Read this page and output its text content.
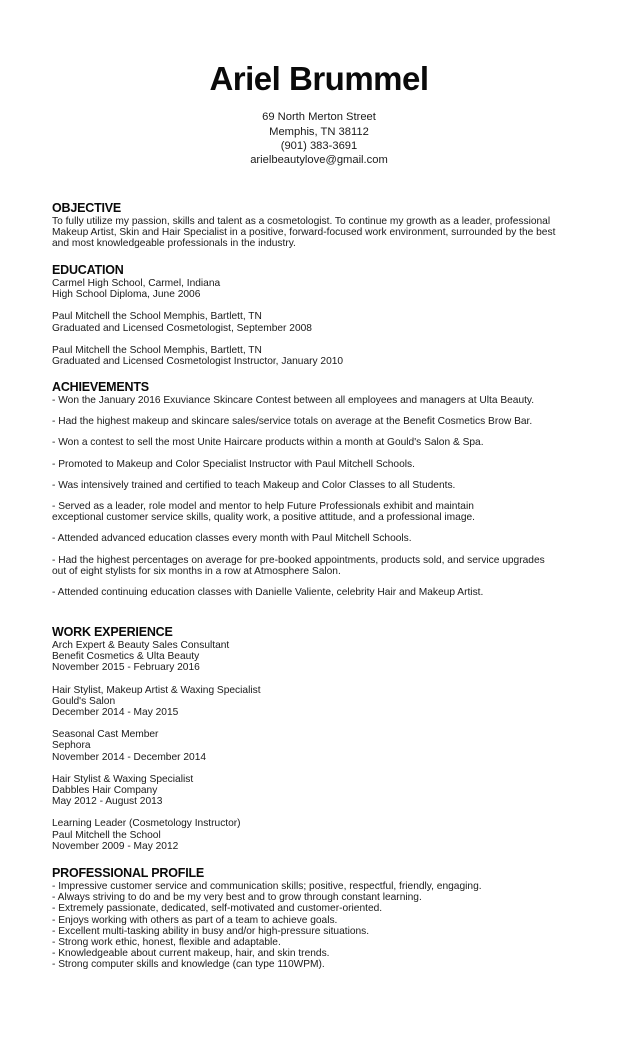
Ariel Brummel
69 North Merton Street
Memphis, TN 38112
(901) 383-3691
arielbeautylove@gmail.com
OBJECTIVE
To fully utilize my passion, skills and talent as a cosmetologist. To continue my growth as a leader, professional
Makeup Artist, Skin and Hair Specialist in a positive, forward-focused work environment, surrounded by the best
and most knowledgeable professionals in the industry.
EDUCATION
Carmel High School, Carmel, Indiana
High School Diploma, June 2006
Paul Mitchell the School Memphis, Bartlett, TN
Graduated and Licensed Cosmetologist, September 2008
Paul Mitchell the School Memphis, Bartlett, TN
Graduated and Licensed Cosmetologist Instructor, January 2010
ACHIEVEMENTS
- Won the January 2016 Exuviance Skincare Contest between all employees and managers at Ulta Beauty.
- Had the highest makeup and skincare sales/service totals on average at the Benefit Cosmetics Brow Bar.
- Won a contest to sell the most Unite Haircare products within a month at Gould's Salon & Spa.
- Promoted to Makeup and Color Specialist Instructor with Paul Mitchell Schools.
- Was intensively trained and certified to teach Makeup and Color Classes to all Students.
- Served as a leader, role model and mentor to help Future Professionals exhibit and maintain
exceptional customer service skills, quality work, a positive attitude, and a professional image.
- Attended advanced education classes every month with Paul Mitchell Schools.
- Had the highest percentages on average for pre-booked appointments, products sold, and service upgrades
out of eight stylists for six months in a row at Atmosphere Salon.
- Attended continuing education classes with Danielle Valiente, celebrity Hair and Makeup Artist.
WORK EXPERIENCE
Arch Expert & Beauty Sales Consultant
Benefit Cosmetics & Ulta Beauty
November 2015 - February 2016
Hair Stylist, Makeup Artist & Waxing Specialist
Gould's Salon
December 2014 - May 2015
Seasonal Cast Member
Sephora
November 2014 - December 2014
Hair Stylist & Waxing Specialist
Dabbles Hair Company
May 2012 - August 2013
Learning Leader (Cosmetology Instructor)
Paul Mitchell the School
November 2009 - May 2012
PROFESSIONAL PROFILE
- Impressive customer service and communication skills; positive, respectful, friendly, engaging.
- Always striving to do and be my very best and to grow through constant learning.
- Extremely passionate, dedicated, self-motivated and customer-oriented.
- Enjoys working with others as part of a team to achieve goals.
- Excellent multi-tasking ability in busy and/or high-pressure situations.
- Strong work ethic, honest, flexible and adaptable.
- Knowledgeable about current makeup, hair, and skin trends.
- Strong computer skills and knowledge (can type 110WPM).
